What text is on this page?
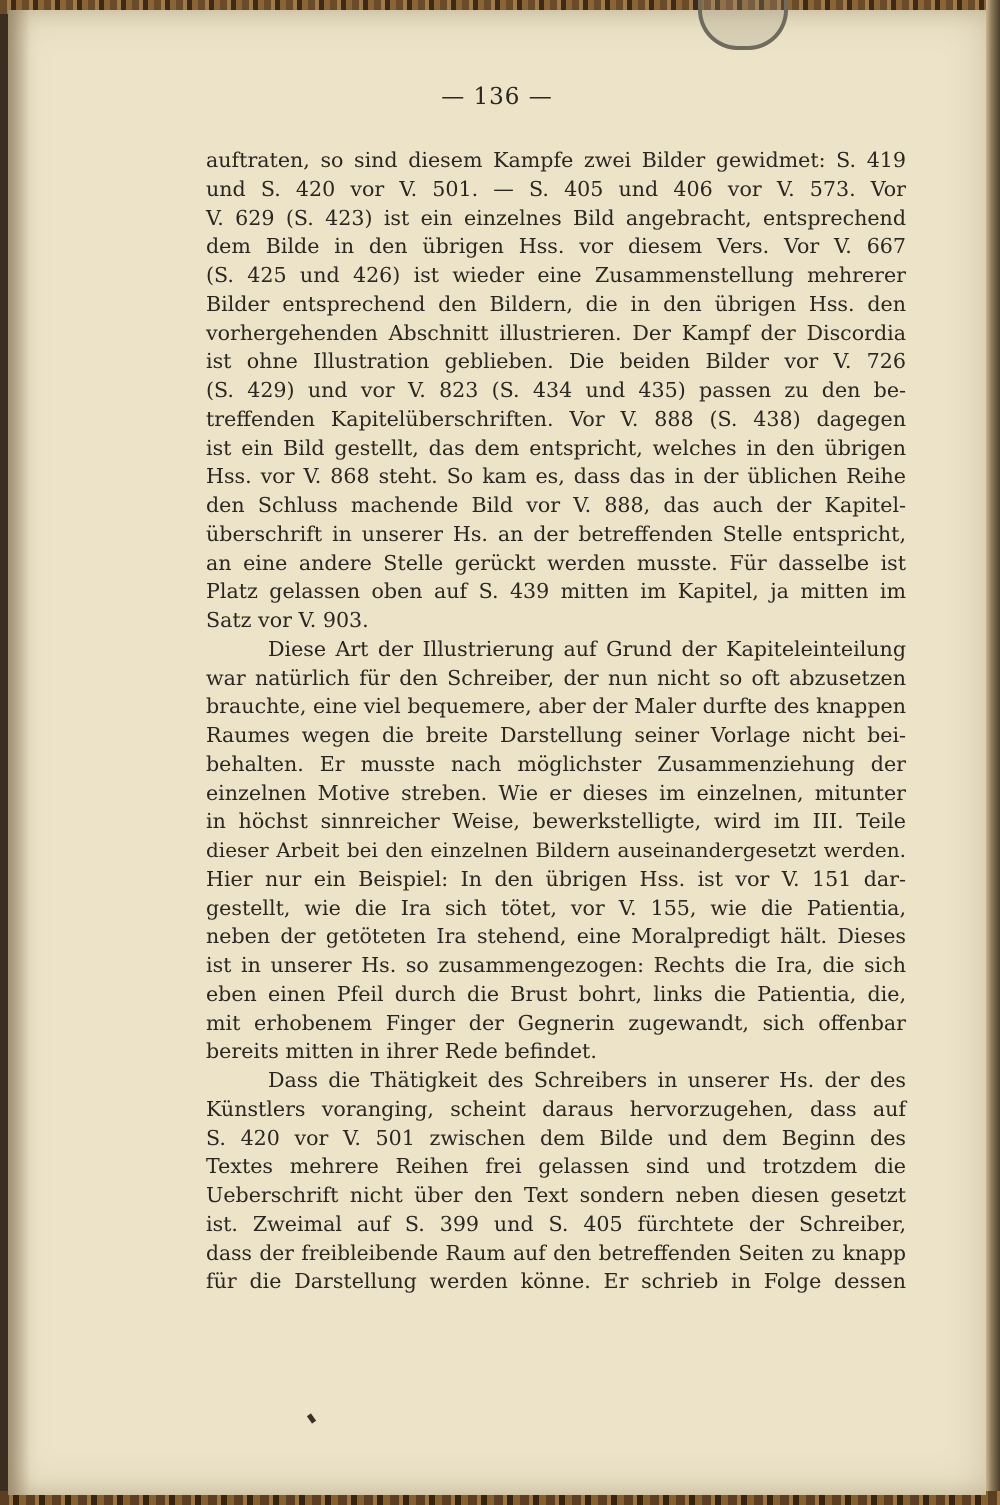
— 136 —
auftraten, so sind diesem Kampfe zwei Bilder gewidmet: S. 419
und S. 420 vor V. 501. — S. 405 und 406 vor V. 573. Vor
V. 629 (S. 423) ist ein einzelnes Bild angebracht, entsprechend
dem Bilde in den übrigen Hss. vor diesem Vers. Vor V. 667
(S. 425 und 426) ist wieder eine Zusammenstellung mehrerer
Bilder entsprechend den Bildern, die in den übrigen Hss. den
vorhergehenden Abschnitt illustrieren. Der Kampf der Discordia
ist ohne Illustration geblieben. Die beiden Bilder vor V. 726
(S. 429) und vor V. 823 (S. 434 und 435) passen zu den be-
treffenden Kapitelüberschriften. Vor V. 888 (S. 438) dagegen
ist ein Bild gestellt, das dem entspricht, welches in den übrigen
Hss. vor V. 868 steht. So kam es, dass das in der üblichen Reihe
den Schluss machende Bild vor V. 888, das auch der Kapitel-
überschrift in unserer Hs. an der betreffenden Stelle entspricht,
an eine andere Stelle gerückt werden musste. Für dasselbe ist
Platz gelassen oben auf S. 439 mitten im Kapitel, ja mitten im
Satz vor V. 903.
Diese Art der Illustrierung auf Grund der Kapiteleinteilung
war natürlich für den Schreiber, der nun nicht so oft abzusetzen
brauchte, eine viel bequemere, aber der Maler durfte des knappen
Raumes wegen die breite Darstellung seiner Vorlage nicht bei-
behalten. Er musste nach möglichster Zusammenziehung der
einzelnen Motive streben. Wie er dieses im einzelnen, mitunter
in höchst sinnreicher Weise, bewerkstelligte, wird im III. Teile
dieser Arbeit bei den einzelnen Bildern auseinandergesetzt werden.
Hier nur ein Beispiel: In den übrigen Hss. ist vor V. 151 dar-
gestellt, wie die Ira sich tötet, vor V. 155, wie die Patientia,
neben der getöteten Ira stehend, eine Moralpredigt hält. Dieses
ist in unserer Hs. so zusammengezogen: Rechts die Ira, die sich
eben einen Pfeil durch die Brust bohrt, links die Patientia, die,
mit erhobenem Finger der Gegnerin zugewandt, sich offenbar
bereits mitten in ihrer Rede befindet.
Dass die Thätigkeit des Schreibers in unserer Hs. der des
Künstlers voranging, scheint daraus hervorzugehen, dass auf
S. 420 vor V. 501 zwischen dem Bilde und dem Beginn des
Textes mehrere Reihen frei gelassen sind und trotzdem die
Ueberschrift nicht über den Text sondern neben diesen gesetzt
ist. Zweimal auf S. 399 und S. 405 fürchtete der Schreiber,
dass der freibleibende Raum auf den betreffenden Seiten zu knapp
für die Darstellung werden könne. Er schrieb in Folge dessen
